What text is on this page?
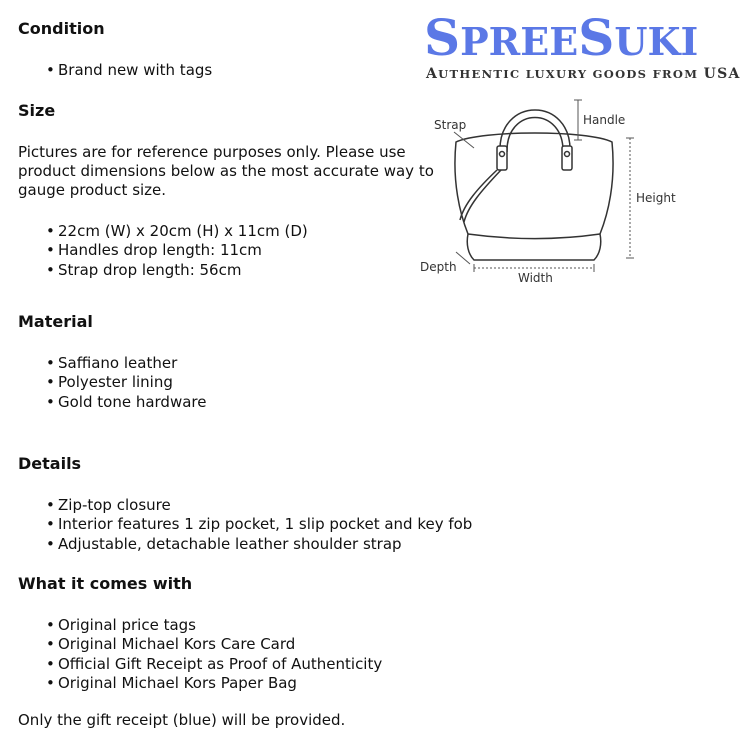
SPREESUKI
AUTHENTIC LUXURY GOODS FROM USA
Strap	Handle
Height
Depth
Width
Condition
• Brand new with tags
Size

Pictures are for reference purposes only. Please use

product dimensions below as the most accurate way to

gauge product size.

• 22cm (W) x 20cm (H) x 11cm (D)
• Handles drop length: 11cm
• Strap drop length: 56cm
Material
• Saffiano leather
• Polyester lining
• Gold tone hardware
Details
• Zip-top closure
• Interior features 1 zip pocket, 1 slip pocket and key fob
• Adjustable, detachable leather shoulder strap
What it comes with
• Original price tags
• Original Michael Kors Care Card
• Official Gift Receipt as Proof of Authenticity
• Original Michael Kors Paper Bag

Only the gift receipt (blue) will be provided.
